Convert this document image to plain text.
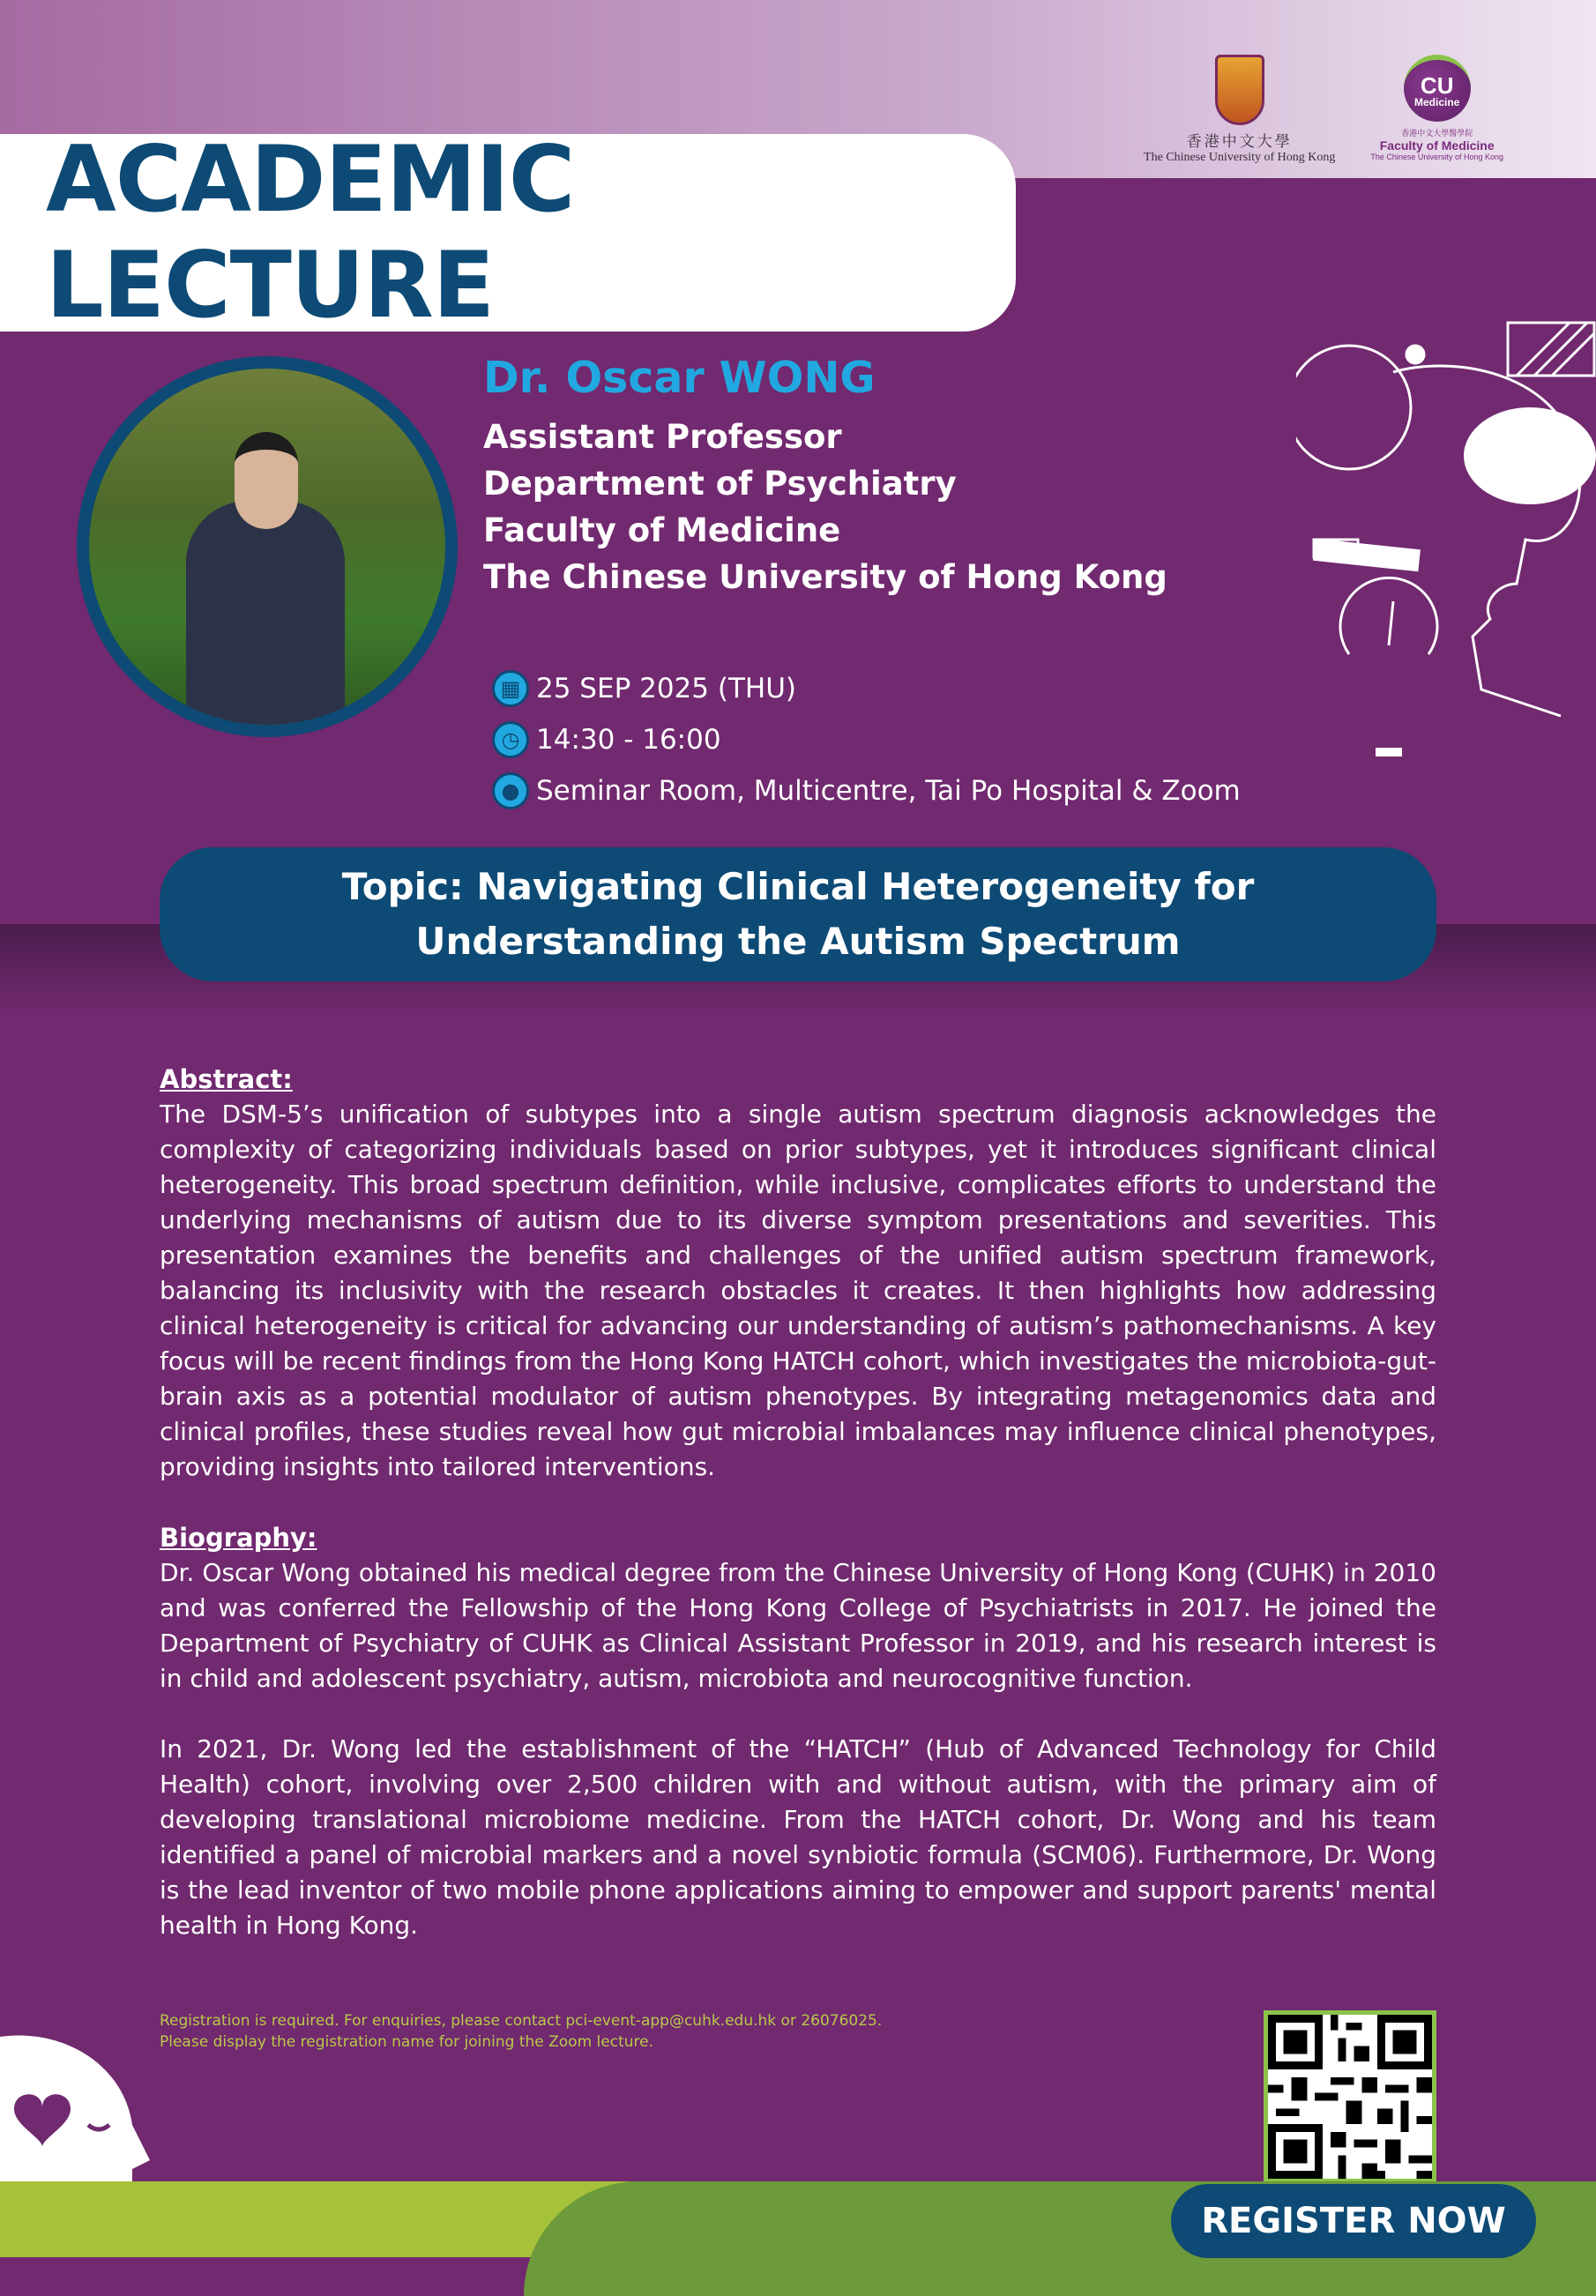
香港中文大學
The Chinese University of Hong Kong
CU
Medicine
香港中文大學醫學院
Faculty of Medicine
The Chinese University of Hong Kong
ACADEMIC LECTURE
Dr. Oscar WONG
Assistant Professor
Department of Psychiatry
Faculty of Medicine
The Chinese University of Hong Kong
▦ 25 SEP 2025 (THU)
◷ 14:30 - 16:00
● Seminar Room, Multicentre, Tai Po Hospital & Zoom
Topic: Navigating Clinical Heterogeneity for
Understanding the Autism Spectrum
Abstract:

The DSM-5’s unification of subtypes into a single autism spectrum diagnosis acknowledges the complexity of categorizing individuals based on prior subtypes, yet it introduces significant clinical heterogeneity. This broad spectrum definition, while inclusive, complicates efforts to understand the underlying mechanisms of autism due to its diverse symptom presentations and severities. This presentation examines the benefits and challenges of the unified autism spectrum framework, balancing its inclusivity with the research obstacles it creates. It then highlights how addressing clinical heterogeneity is critical for advancing our understanding of autism’s pathomechanisms. A key focus will be recent findings from the Hong Kong HATCH cohort, which investigates the microbiota-gut-brain axis as a potential modulator of autism phenotypes. By integrating metagenomics data and clinical profiles, these studies reveal how gut microbial imbalances may influence clinical phenotypes, providing insights into tailored interventions.

Biography:

Dr. Oscar Wong obtained his medical degree from the Chinese University of Hong Kong (CUHK) in 2010 and was conferred the Fellowship of the Hong Kong College of Psychiatrists in 2017. He joined the Department of Psychiatry of CUHK as Clinical Assistant Professor in 2019, and his research interest is in child and adolescent psychiatry, autism, microbiota and neurocognitive function.

In 2021, Dr. Wong led the establishment of the “HATCH” (Hub of Advanced Technology for Child Health) cohort, involving over 2,500 children with and without autism, with the primary aim of developing translational microbiome medicine. From the HATCH cohort, Dr. Wong and his team identified a panel of microbial markers and a novel synbiotic formula (SCM06). Furthermore, Dr. Wong is the lead inventor of two mobile phone applications aiming to empower and support parents' mental health in Hong Kong.

Registration is required. For enquiries, please contact pci-event-app@cuhk.edu.hk or 26076025.
Please display the registration name for joining the Zoom lecture.
REGISTER NOW
